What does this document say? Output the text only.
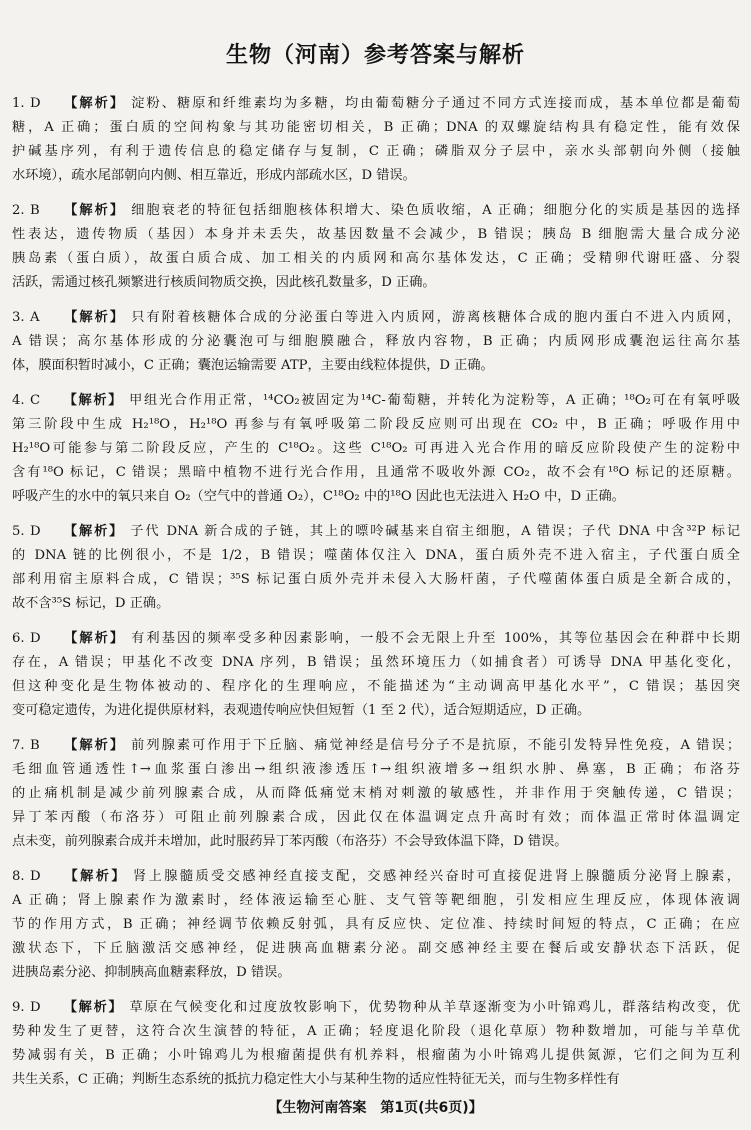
生物（河南）参考答案与解析
1. D 【解析】 淀粉、糖原和纤维素均为多糖，均由葡萄糖分子通过不同方式连接而成，基本单位都是葡萄
糖，A 正确；蛋白质的空间构象与其功能密切相关，B 正确；DNA 的双螺旋结构具有稳定性，能有效保
护碱基序列，有利于遗传信息的稳定储存与复制，C 正确；磷脂双分子层中，亲水头部朝向外侧（接触
水环境），疏水尾部朝向内侧、相互靠近，形成内部疏水区，D 错误。
2. B 【解析】 细胞衰老的特征包括细胞核体积增大、染色质收缩，A 正确；细胞分化的实质是基因的选择
性表达，遗传物质（基因）本身并未丢失，故基因数量不会减少，B 错误；胰岛 B 细胞需大量合成分泌
胰岛素（蛋白质），故蛋白质合成、加工相关的内质网和高尔基体发达，C 正确；受精卵代谢旺盛、分裂
活跃，需通过核孔频繁进行核质间物质交换，因此核孔数量多，D 正确。
3. A 【解析】 只有附着核糖体合成的分泌蛋白等进入内质网，游离核糖体合成的胞内蛋白不进入内质网，
A 错误；高尔基体形成的分泌囊泡可与细胞膜融合，释放内容物，B 正确；内质网形成囊泡运往高尔基
体，膜面积暂时减小，C 正确；囊泡运输需要 ATP，主要由线粒体提供，D 正确。
4. C 【解析】 甲组光合作用正常，¹⁴CO₂被固定为¹⁴C-葡萄糖，并转化为淀粉等，A 正确；¹⁸O₂可在有氧呼吸
第三阶段中生成 H₂¹⁸O，H₂¹⁸O 再参与有氧呼吸第二阶段反应则可出现在 CO₂ 中，B 正确；呼吸作用中
H₂¹⁸O可能参与第二阶段反应，产生的 C¹⁸O₂。这些 C¹⁸O₂ 可再进入光合作用的暗反应阶段使产生的淀粉中
含有¹⁸O 标记，C 错误；黑暗中植物不进行光合作用，且通常不吸收外源 CO₂，故不会有¹⁸O 标记的还原糖。
呼吸产生的水中的氧只来自 O₂（空气中的普通 O₂），C¹⁸O₂ 中的¹⁸O 因此也无法进入 H₂O 中，D 正确。
5. D 【解析】 子代 DNA 新合成的子链，其上的嘌呤碱基来自宿主细胞，A 错误；子代 DNA 中含³²P 标记
的 DNA 链的比例很小，不是 1/2，B 错误；噬菌体仅注入 DNA，蛋白质外壳不进入宿主，子代蛋白质全
部利用宿主原料合成，C 错误；³⁵S 标记蛋白质外壳并未侵入大肠杆菌，子代噬菌体蛋白质是全新合成的，
故不含³⁵S 标记，D 正确。
6. D 【解析】 有利基因的频率受多种因素影响，一般不会无限上升至 100%，其等位基因会在种群中长期
存在，A 错误；甲基化不改变 DNA 序列，B 错误；虽然环境压力（如捕食者）可诱导 DNA 甲基化变化，
但这种变化是生物体被动的、程序化的生理响应，不能描述为“主动调高甲基化水平”，C 错误；基因突
变可稳定遗传，为进化提供原材料，表观遗传响应快但短暂（1 至 2 代），适合短期适应，D 正确。
7. B 【解析】 前列腺素可作用于下丘脑、痛觉神经是信号分子不是抗原，不能引发特异性免疫，A 错误；
毛细血管通透性↑→血浆蛋白渗出→组织液渗透压↑→组织液增多→组织水肿、鼻塞，B 正确；布洛芬
的止痛机制是减少前列腺素合成，从而降低痛觉末梢对刺激的敏感性，并非作用于突触传递，C 错误；
异丁苯丙酸（布洛芬）可阻止前列腺素合成，因此仅在体温调定点升高时有效；而体温正常时体温调定
点未变，前列腺素合成并未增加，此时服药异丁苯丙酸（布洛芬）不会导致体温下降，D 错误。
8. D 【解析】 肾上腺髓质受交感神经直接支配，交感神经兴奋时可直接促进肾上腺髓质分泌肾上腺素，
A 正确；肾上腺素作为激素时，经体液运输至心脏、支气管等靶细胞，引发相应生理反应，体现体液调
节的作用方式，B 正确；神经调节依赖反射弧，具有反应快、定位准、持续时间短的特点，C 正确；在应
激状态下，下丘脑激活交感神经，促进胰高血糖素分泌。副交感神经主要在餐后或安静状态下活跃，促
进胰岛素分泌、抑制胰高血糖素释放，D 错误。
9. D 【解析】 草原在气候变化和过度放牧影响下，优势物种从羊草逐渐变为小叶锦鸡儿，群落结构改变，优
势种发生了更替，这符合次生演替的特征，A 正确；轻度退化阶段（退化草原）物种数增加，可能与羊草优
势减弱有关，B 正确；小叶锦鸡儿为根瘤菌提供有机养料，根瘤菌为小叶锦鸡儿提供氮源，它们之间为互利
共生关系，C 正确；判断生态系统的抵抗力稳定性大小与某种生物的适应性特征无关，而与生物多样性有
【生物河南答案　第1页(共6页)】
